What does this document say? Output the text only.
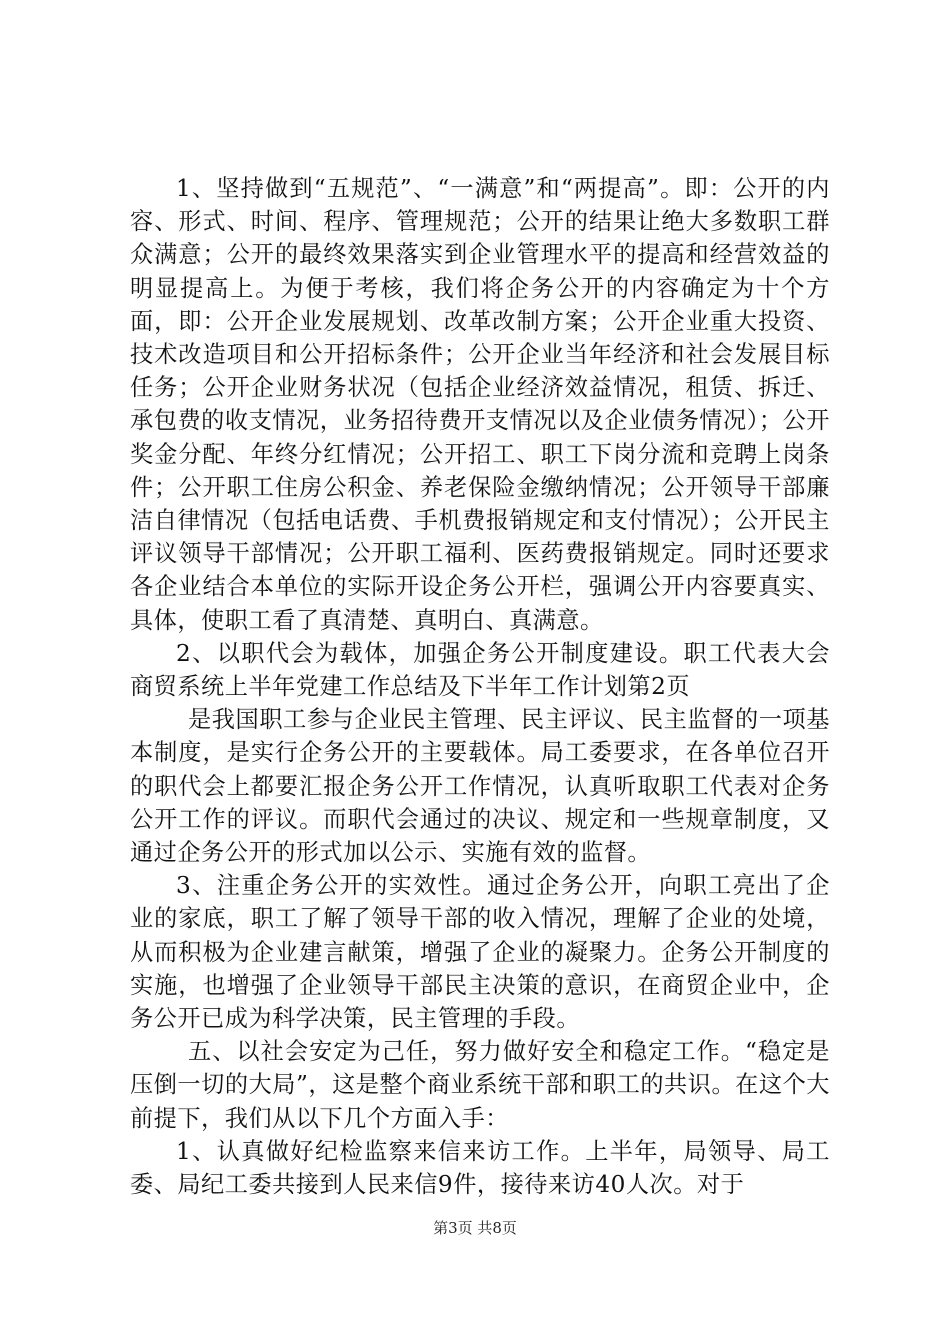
1、坚持做到“五规范”、“一满意”和“两提高”。即：公开的内容、形式、时间、程序、管理规范；公开的结果让绝大多数职工群众满意；公开的最终效果落实到企业管理水平的提高和经营效益的明显提高上。为便于考核，我们将企务公开的内容确定为十个方面，即：公开企业发展规划、改革改制方案；公开企业重大投资、技术改造项目和公开招标条件；公开企业当年经济和社会发展目标任务；公开企业财务状况（包括企业经济效益情况，租赁、拆迁、承包费的收支情况，业务招待费开支情况以及企业债务情况）；公开奖金分配、年终分红情况；公开招工、职工下岗分流和竞聘上岗条件；公开职工住房公积金、养老保险金缴纳情况；公开领导干部廉洁自律情况（包括电话费、手机费报销规定和支付情况）；公开民主评议领导干部情况；公开职工福利、医药费报销规定。同时还要求各企业结合本单位的实际开设企务公开栏，强调公开内容要真实、具体，使职工看了真清楚、真明白、真满意。

2、以职代会为载体，加强企务公开制度建设。职工代表大会商贸系统上半年党建工作总结及下半年工作计划第2页

是我国职工参与企业民主管理、民主评议、民主监督的一项基本制度，是实行企务公开的主要载体。局工委要求，在各单位召开的职代会上都要汇报企务公开工作情况，认真听取职工代表对企务公开工作的评议。而职代会通过的决议、规定和一些规章制度，又通过企务公开的形式加以公示、实施有效的监督。

3、注重企务公开的实效性。通过企务公开，向职工亮出了企业的家底，职工了解了领导干部的收入情况，理解了企业的处境，从而积极为企业建言献策，增强了企业的凝聚力。企务公开制度的实施，也增强了企业领导干部民主决策的意识，在商贸企业中，企务公开已成为科学决策，民主管理的手段。

五、以社会安定为己任，努力做好安全和稳定工作。“稳定是压倒一切的大局”，这是整个商业系统干部和职工的共识。在这个大前提下，我们从以下几个方面入手：

1、认真做好纪检监察来信来访工作。上半年，局领导、局工委、局纪工委共接到人民来信9件，接待来访40人次。对于

第3页 共8页
